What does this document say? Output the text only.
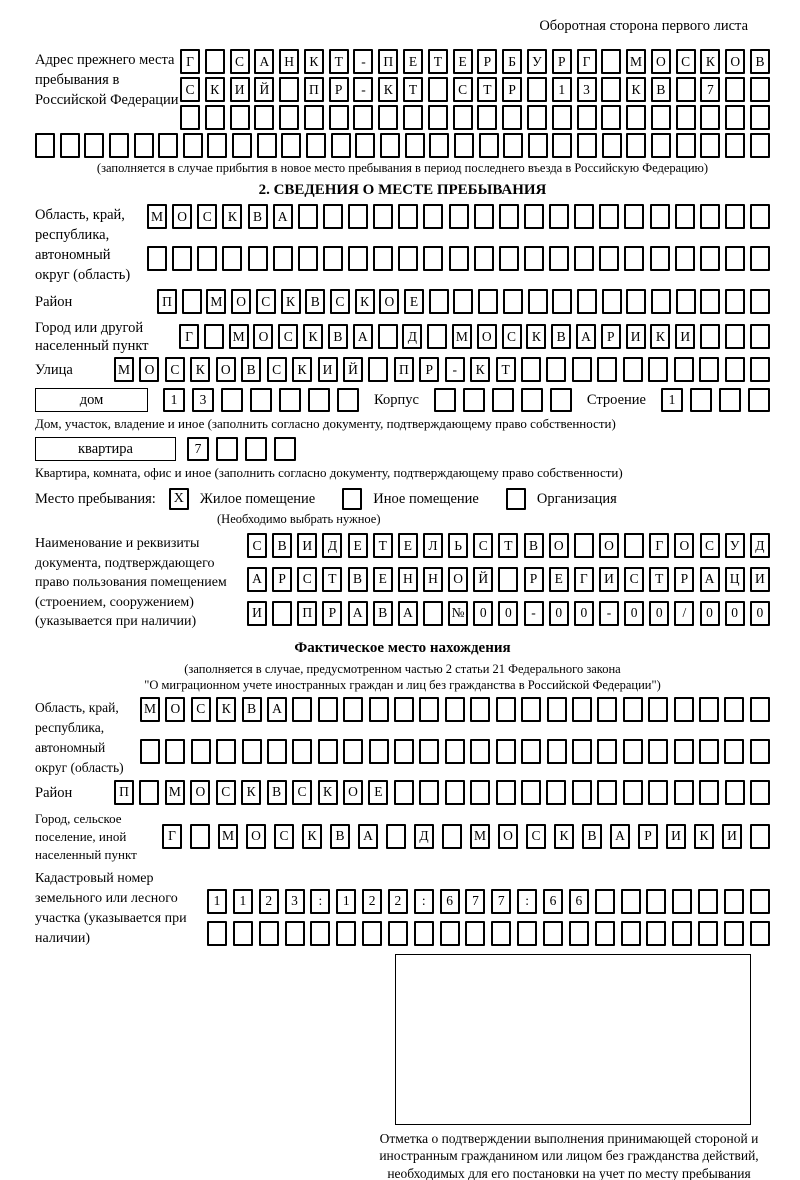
Оборотная сторона первого листа
Адрес прежнего места пребывания в Российской Федерации
Г	С	А	Н	К	Т	-	П	Е	Т	Е	Р	Б	У	Р	Г	М	О	С	К	О	В
С	К	И	Й	П	Р	-	К	Т	С	Т	Р	1	3	К	В	7
(заполняется в случае прибытия в новое место пребывания в период последнего въезда в Российскую Федерацию)
2. СВЕДЕНИЯ О МЕСТЕ ПРЕБЫВАНИЯ
Область, край, республика, автономный округ (область)
М	О	С	К	В	А
Район	П	М	О	С	К	В	С	К	О	Е
Город или другой населенный пункт
Г	М	О	С	К	В	А	Д	М	О	С	К	В	А	Р	И	К	И
Улица	М	О	С	К	О	В	С	К	И	Й	П	Р	-	К	Т
дом	1	3	Корпус	Строение	1
Дом, участок, владение и иное (заполнить согласно документу, подтверждающему право собственности)
квартира	7
Квартира, комната, офис и иное (заполнить согласно документу, подтверждающему право собственности)
Место пребывания:	Х	Жилое помещение	Иное помещение	Организация
(Необходимо выбрать нужное)
Наименование и реквизиты документа, подтверждающего право пользования помещением (строением, сооружением) (указывается при наличии)
С	В	И	Д	Е	Т	Е	Л	Ь	С	Т	В	О	О	Г	О	С	У	Д
А	Р	С	Т	В	Е	Н	Н	О	Й	Р	Е	Г	И	С	Т	Р	А	Ц	И
И	П	Р	А	В	А	№	0	0	-	0	0	-	0	0	/	0	0	0
Фактическое место нахождения
(заполняется в случае, предусмотренном частью 2 статьи 21 Федерального закона
"О миграционном учете иностранных граждан и лиц без гражданства в Российской Федерации")
Область, край, республика, автономный округ (область)
М	О	С	К	В	А
Район	П	М	О	С	К	В	С	К	О	Е
Город, сельское поселение, иной населенный пункт
Г	М	О	С	К	В	А	Д	М	О	С	К	В	А	Р	И	К	И
Кадастровый номер земельного или лесного участка (указывается при наличии)
1	1	2	3	:	1	2	2	:	6	7	7	:	6	6
Отметка о подтверждении выполнения принимающей стороной и иностранным гражданином или лицом без гражданства действий, необходимых для его постановки на учет по месту пребывания
